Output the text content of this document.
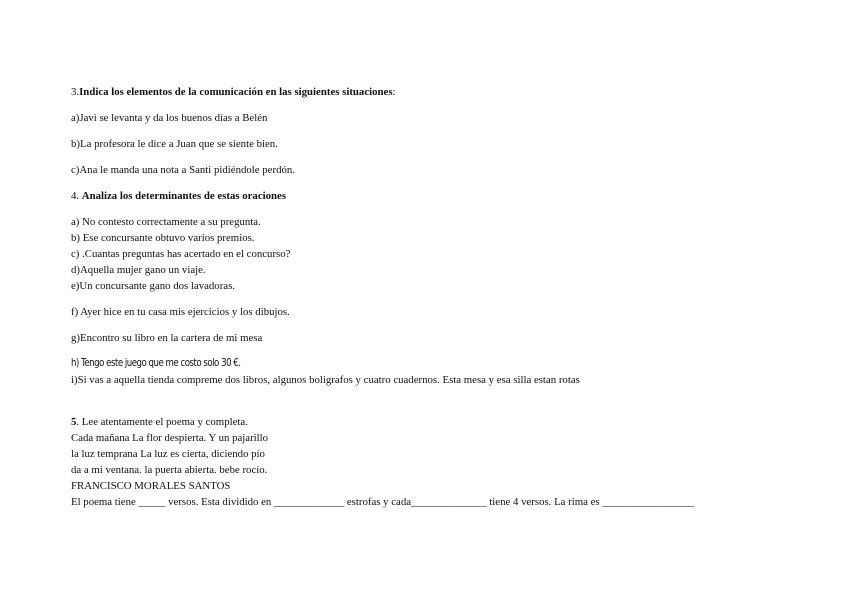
3.Indica los elementos de la comunicación en las siguientes situaciones:
a)Javi se levanta y da los buenos días a Belén
b)La profesora le dice a Juan que se siente bien.
c)Ana le manda una nota a Santi pidiéndole perdón.
4. Analiza los determinantes de estas oraciones
a) No contesto correctamente a su pregunta.
b) Ese concursante obtuvo varios premios.
c) .Cuantas preguntas has acertado en el concurso?
d)Aquella mujer gano un viaje.
e)Un concursante gano dos lavadoras.
f) Ayer hice en tu casa mis ejercicios y los dibujos.
g)Encontro su libro en la cartera de mi mesa
h) Tengo este juego que me costo solo 30 €.
i)Si vas a aquella tienda compreme dos libros, algunos boligrafos y cuatro cuadernos. Esta mesa y esa silla estan rotas
5. Lee atentamente el poema y completa.
Cada mañana La flor despierta. Y un pajarillo
la luz temprana La luz es cierta, diciendo pío
da a mi ventana. la puerta abierta. bebe rocío.
FRANCISCO MORALES SANTOS
El poema tiene _____ versos. Esta dividido en _____________ estrofas y cada______________ tiene 4 versos. La rima es _________________
